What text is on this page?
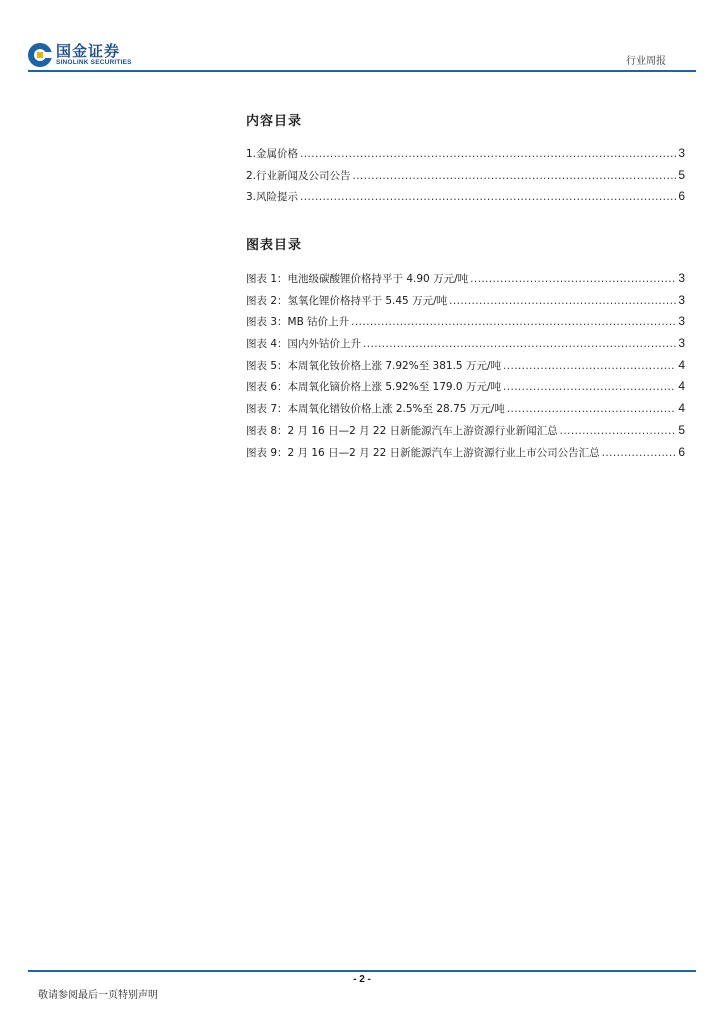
国金证券
SINOLINK SECURITIES	行业周报
内容目录
1.金属价格 .....	3
2.行业新闻及公司公告 .....	5
3.风险提示 .....	6
图表目录
图表 1：电池级碳酸锂价格持平于 4.90 万元/吨 .....	3
图表 2：氢氧化锂价格持平于 5.45 万元/吨 .....	3
图表 3：MB 钴价上升 .....	3
图表 4：国内外钴价上升 .....	3
图表 5：本周氧化钕价格上涨 7.92%至 381.5 万元/吨 .....	4
图表 6：本周氧化镝价格上涨 5.92%至 179.0 万元/吨 .....	4
图表 7：本周氧化镨钕价格上涨 2.5%至 28.75 万元/吨 .....	4
图表 8：2 月 16 日—2 月 22 日新能源汽车上游资源行业新闻汇总 .....	5
图表 9：2 月 16 日—2 月 22 日新能源汽车上游资源行业上市公司公告汇总 .....	6
- 2 -
敬请参阅最后一页特别声明
